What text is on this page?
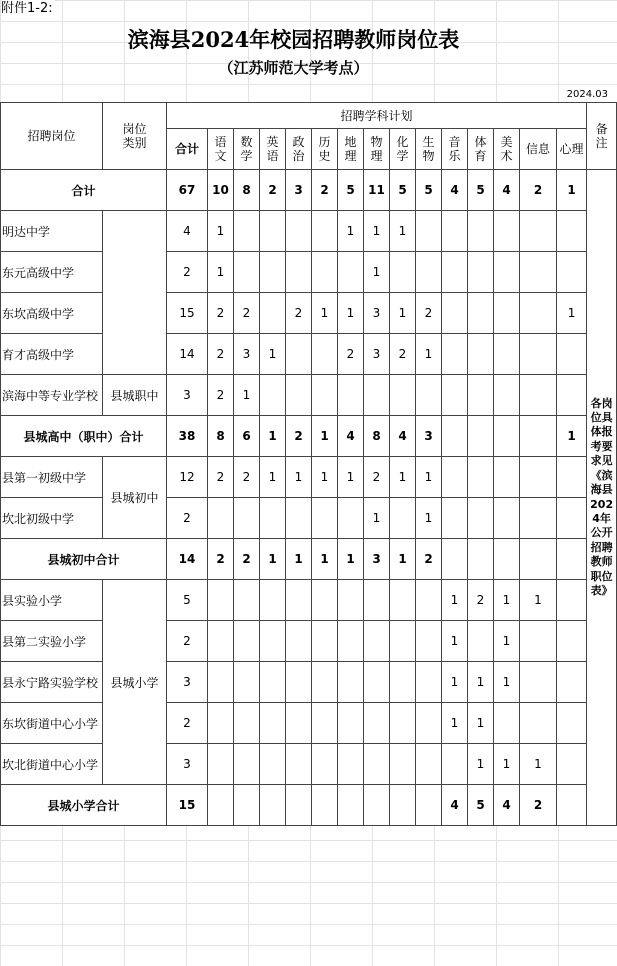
附件1-2:
滨海县2024年校园招聘教师岗位表
（江苏师范大学考点）
2024.03
招聘岗位	岗位类别	招聘学科计划															备注
		合计	语文	数学	英语	政治	历史	地理	物理	化学	生物	音乐	体育	美术	信息	心理	
合计		67	10	8	2	3	2	5	11	5	5	4	5	4	2	1	各岗位具体报考要求见《滨海县2024年公开招聘教师职位表》
明达中学		4	1					1	1	1							
东元高级中学		2	1						1								
东坎高级中学		15	2	2		2	1	1	3	1	2					1	
育才高级中学		14	2	3	1			2	3	2	1						
滨海中等专业学校	县城职中	3	2	1													
县城高中（职中）合计		38	8	6	1	2	1	4	8	4	3					1	
县第一初级中学	县城初中	12	2	2	1	1	1	1	2	1	1						
坎北初级中学		2							1		1						
县城初中合计		14	2	2	1	1	1	1	3	1	2						
县实验小学	县城小学	5										1	2	1	1		
县第二实验小学		2										1		1			
县永宁路实验学校		3										1	1	1			
东坎街道中心小学		2										1	1				
坎北街道中心小学		3											1	1	1		
县城小学合计		15										4	5	4	2		
